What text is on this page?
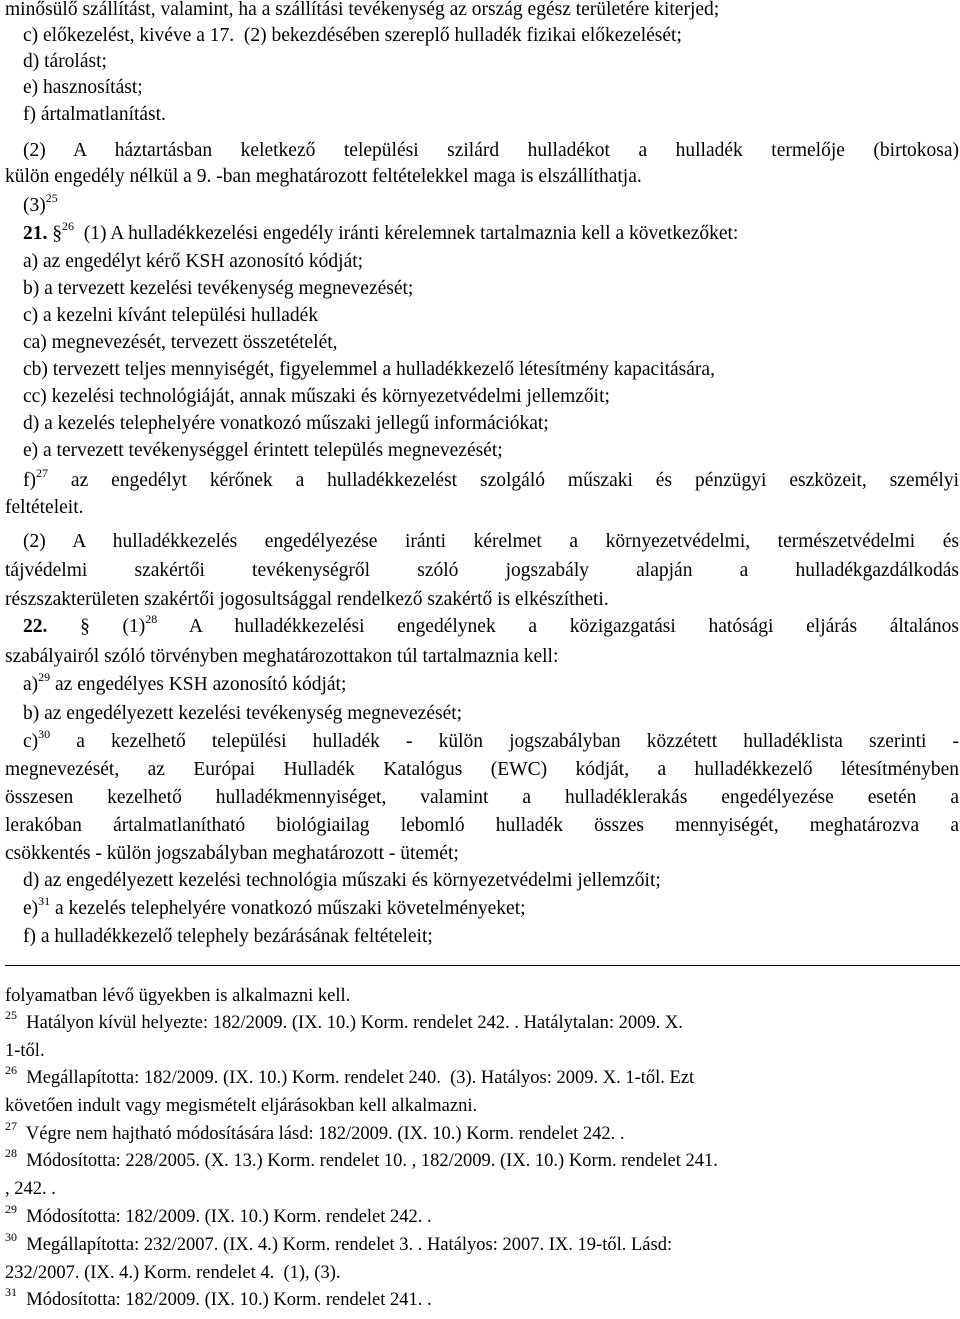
minősülő szállítást, valamint, ha a szállítási tevékenység az ország egész területére kiterjed;
c) előkezelést, kivéve a 17.  (2) bekezdésében szereplő hulladék fizikai előkezelését;
d) tárolást;
e) hasznosítást;
f) ártalmatlanítást.
(2) A háztartásban keletkező települési szilárd hulladékot a hulladék termelője (birtokosa)
külön engedély nélkül a 9. -ban meghatározott feltételekkel maga is elszállíthatja.
$(3)^{25}$
21. §$^{26}$ (1) A hulladékkezelési engedély iránti kérelemnek tartalmaznia kell a következőket:
a) az engedélyt kérő KSH azonosító kódját;
b) a tervezett kezelési tevékenység megnevezését;
c) a kezelni kívánt települési hulladék
ca) megnevezését, tervezett összetételét,
cb) tervezett teljes mennyiségét, figyelemmel a hulladékkezelő létesítmény kapacitására,
cc) kezelési technológiáját, annak műszaki és környezetvédelmi jellemzőit;
d) a kezelés telephelyére vonatkozó műszaki jellegű információkat;
e) a tervezett tevékenységgel érintett település megnevezését;
f)$^{27}$ az engedélyt kérőnek a hulladékkezelést szolgáló műszaki és pénzügyi eszközeit, személyi
feltételeit.
(2) A hulladékkezelés engedélyezése iránti kérelmet a környezetvédelmi, természetvédelmi és
tájvédelmi szakértői tevékenységről szóló jogszabály alapján a hulladékgazdálkodás
részszakterületen szakértői jogosultsággal rendelkező szakértő is elkészítheti.
22. § $(1)^{28}$ A hulladékkezelési engedélynek a közigazgatási hatósági eljárás általános
szabályairól szóló törvényben meghatározottakon túl tartalmaznia kell:
a)$^{29}$ az engedélyes KSH azonosító kódját;
b) az engedélyezett kezelési tevékenység megnevezését;
c)$^{30}$ a kezelhető települési hulladék - külön jogszabályban közzétett hulladéklista szerinti -
megnevezését, az Európai Hulladék Katalógus (EWC) kódját, a hulladékkezelő létesítményben
összesen kezelhető hulladékmennyiséget, valamint a hulladéklerakás engedélyezése esetén a
lerakóban ártalmatlanítható biológiailag lebomló hulladék összes mennyiségét, meghatározva a
csökkentés - külön jogszabályban meghatározott - ütemét;
d) az engedélyezett kezelési technológia műszaki és környezetvédelmi jellemzőit;
e)$^{31}$ a kezelés telephelyére vonatkozó műszaki követelményeket;
f) a hulladékkezelő telephely bezárásának feltételeit;
folyamatban lévő ügyekben is alkalmazni kell.
$^{25}$ Hatályon kívül helyezte: 182/2009. (IX. 10.) Korm. rendelet 242. . Hatálytalan: 2009. X.
1-től.
$^{26}$ Megállapította: 182/2009. (IX. 10.) Korm. rendelet 240.  (3). Hatályos: 2009. X. 1-től. Ezt
követően indult vagy megismételt eljárásokban kell alkalmazni.
$^{27}$ Végre nem hajtható módosítására lásd: 182/2009. (IX. 10.) Korm. rendelet 242. .
$^{28}$ Módosította: 228/2005. (X. 13.) Korm. rendelet 10. , 182/2009. (IX. 10.) Korm. rendelet 241.
, 242. .
$^{29}$ Módosította: 182/2009. (IX. 10.) Korm. rendelet 242. .
$^{30}$ Megállapította: 232/2007. (IX. 4.) Korm. rendelet 3. . Hatályos: 2007. IX. 19-től. Lásd:
232/2007. (IX. 4.) Korm. rendelet 4.  (1), (3).
$^{31}$ Módosította: 182/2009. (IX. 10.) Korm. rendelet 241. .
